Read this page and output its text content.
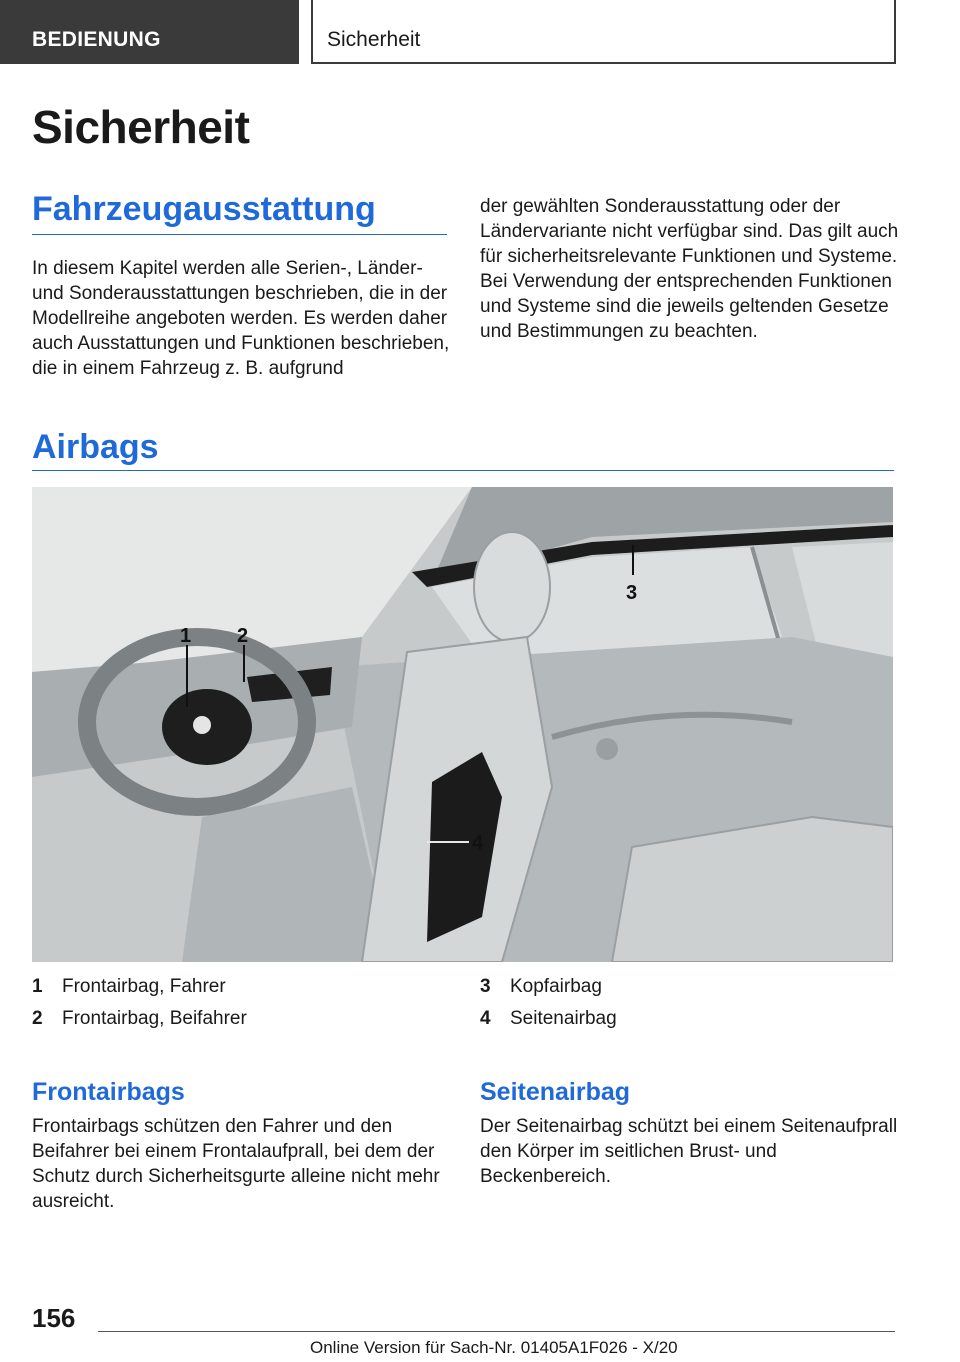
BEDIENUNG	Sicherheit
Sicherheit
Fahrzeugausstattung

In diesem Kapitel werden alle Serien-, Länder- und Sonderausstattungen beschrieben, die in der Modellreihe angeboten werden. Es werden daher auch Ausstattungen und Funktionen beschrieben, die in einem Fahrzeug z. B. aufgrund

der gewählten Sonderausstattung oder der Ländervariante nicht verfügbar sind. Das gilt auch für sicherheitsrelevante Funktionen und Systeme. Bei Verwendung der entsprechenden Funktionen und Systeme sind die jeweils geltenden Gesetze und Bestimmungen zu beachten.

Airbags
1 2
3
4
1 Frontairbag, Fahrer
2 Frontairbag, Beifahrer
3 Kopfairbag
4 Seitenairbag
Frontairbags

Frontairbags schützen den Fahrer und den Beifahrer bei einem Frontalaufprall, bei dem der Schutz durch Sicherheitsgurte alleine nicht mehr ausreicht.

Seitenairbag

Der Seitenairbag schützt bei einem Seitenaufprall den Körper im seitlichen Brust- und Beckenbereich.

156
Online Version für Sach-Nr. 01405A1F026 - X/20
